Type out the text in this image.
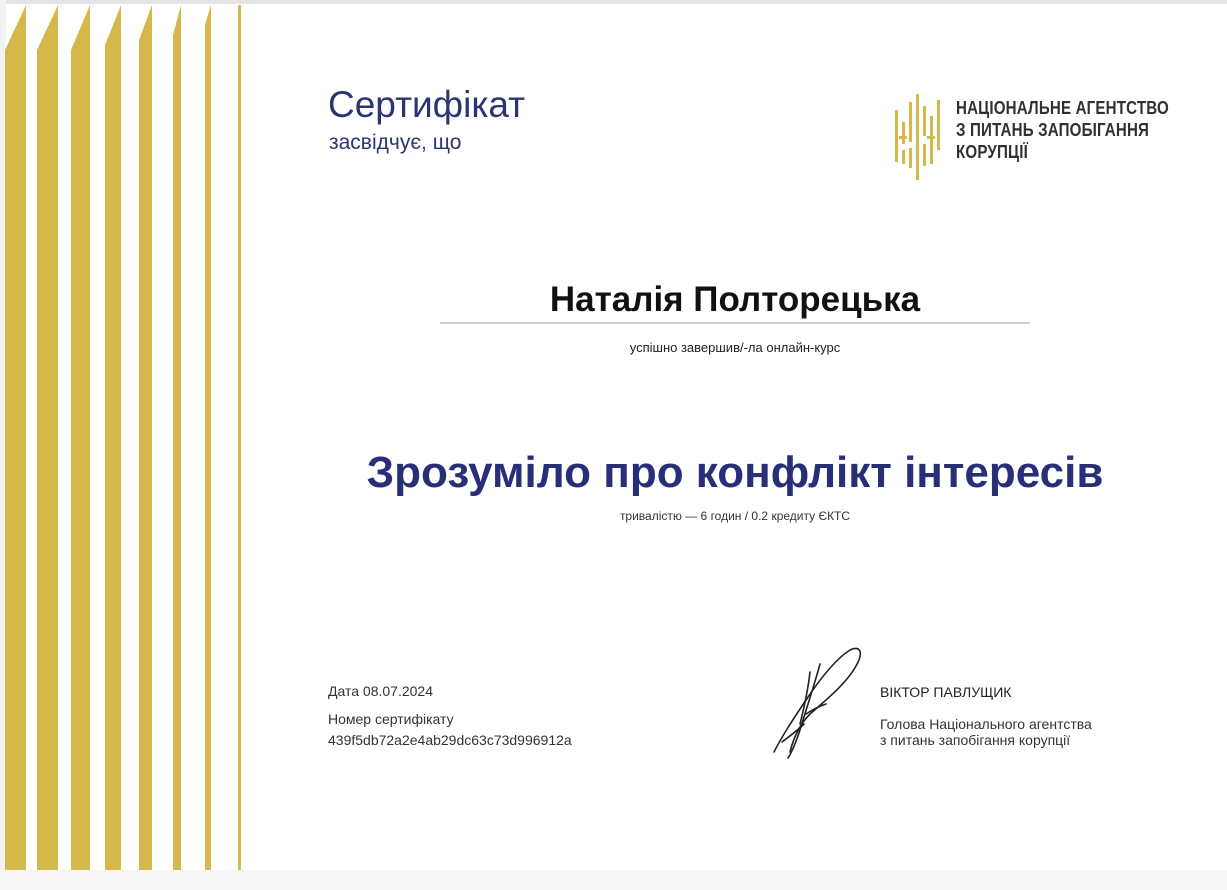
Сертифікат
засвідчує, що
НАЦІОНАЛЬНЕ АГЕНТСТВО
З ПИТАНЬ ЗАПОБІГАННЯ
КОРУПЦІЇ
Наталія Полторецька
успішно завершив/-ла онлайн-курс
Зрозуміло про конфлікт інтересів
тривалістю — 6 годин / 0.2 кредиту ЄКТС
Дата 08.07.2024
Номер сертифікату
439f5db72a2e4ab29dc63c73d996912a
ВІКТОР ПАВЛУЩИК
Голова Національного агентства
з питань запобігання корупції
